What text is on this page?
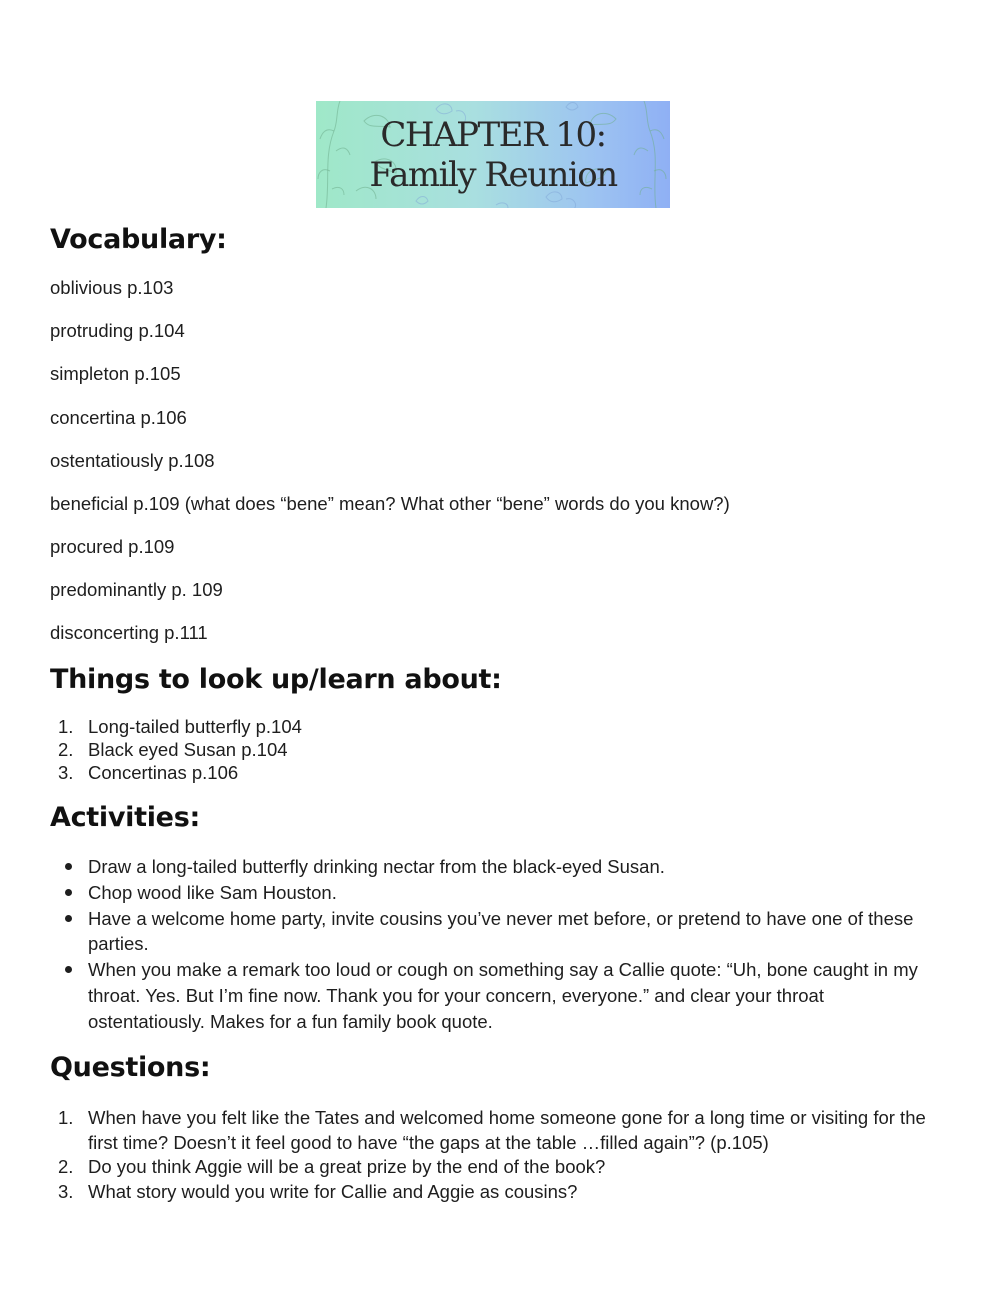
CHAPTER 10:
Family Reunion
Vocabulary:
oblivious p.103
protruding p.104
simpleton p.105
concertina p.106
ostentatiously p.108
beneficial p.109 (what does “bene” mean? What other “bene” words do you know?)
procured p.109
predominantly p. 109
disconcerting p.111
Things to look up/learn about:
1. Long-tailed butterfly p.104
2. Black eyed Susan p.104
3. Concertinas p.106
Activities:
Draw a long-tailed butterfly drinking nectar from the black-eyed Susan.
Chop wood like Sam Houston.
Have a welcome home party, invite cousins you’ve never met before, or pretend to have one of these parties.
When you make a remark too loud or cough on something say a Callie quote: “Uh, bone caught in my throat. Yes. But I’m fine now. Thank you for your concern, everyone.” and clear your throat ostentatiously. Makes for a fun family book quote.
Questions:
1. When have you felt like the Tates and welcomed home someone gone for a long time or visiting for the first time? Doesn’t it feel good to have “the gaps at the table …filled again”? (p.105)
2. Do you think Aggie will be a great prize by the end of the book?
3. What story would you write for Callie and Aggie as cousins?
